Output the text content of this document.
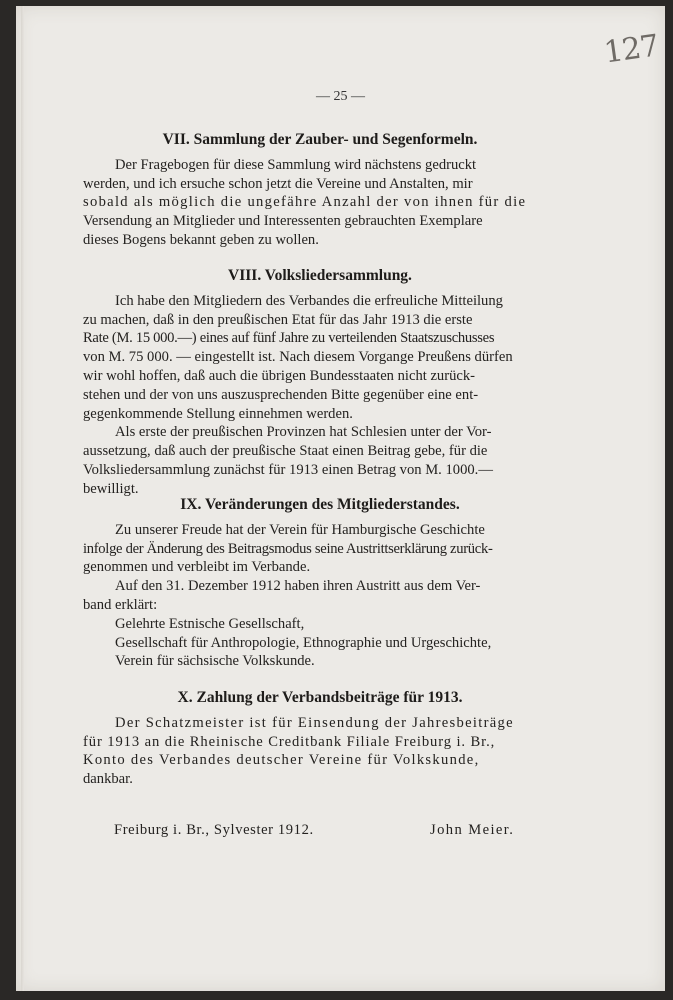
127
— 25 —
VII. Sammlung der Zauber- und Segenformeln.

Der Fragebogen für diese Sammlung wird nächstens gedruckt

werden, und ich ersuche schon jetzt die Vereine und Anstalten, mir

sobald als möglich die ungefähre Anzahl der von ihnen für die

Versendung an Mitglieder und Interessenten gebrauchten Exemplare

dieses Bogens bekannt geben zu wollen.

VIII. Volksliedersammlung.

Ich habe den Mitgliedern des Verbandes die erfreuliche Mitteilung

zu machen, daß in den preußischen Etat für das Jahr 1913 die erste

Rate (M. 15 000.—) eines auf fünf Jahre zu verteilenden Staatszuschusses

von M. 75 000. — eingestellt ist. Nach diesem Vorgange Preußens dürfen

wir wohl hoffen, daß auch die übrigen Bundesstaaten nicht zurück-

stehen und der von uns auszusprechenden Bitte gegenüber eine ent-

gegenkommende Stellung einnehmen werden.

Als erste der preußischen Provinzen hat Schlesien unter der Vor-

aussetzung, daß auch der preußische Staat einen Beitrag gebe, für die

Volksliedersammlung zunächst für 1913 einen Betrag von M. 1000.—

bewilligt.

IX. Veränderungen des Mitgliederstandes.

Zu unserer Freude hat der Verein für Hamburgische Geschichte

infolge der Änderung des Beitragsmodus seine Austrittserklärung zurück-

genommen und verbleibt im Verbande.

Auf den 31. Dezember 1912 haben ihren Austritt aus dem Ver-

band erklärt:

Gelehrte Estnische Gesellschaft,
Gesellschaft für Anthropologie, Ethnographie und Urgeschichte,
Verein für sächsische Volkskunde.
X. Zahlung der Verbandsbeiträge für 1913.

Der Schatzmeister ist für Einsendung der Jahresbeiträge

für 1913 an die Rheinische Creditbank Filiale Freiburg i. Br.,

Konto des Verbandes deutscher Vereine für Volkskunde,

dankbar.

Freiburg i. Br., Sylvester 1912.	John Meier.
